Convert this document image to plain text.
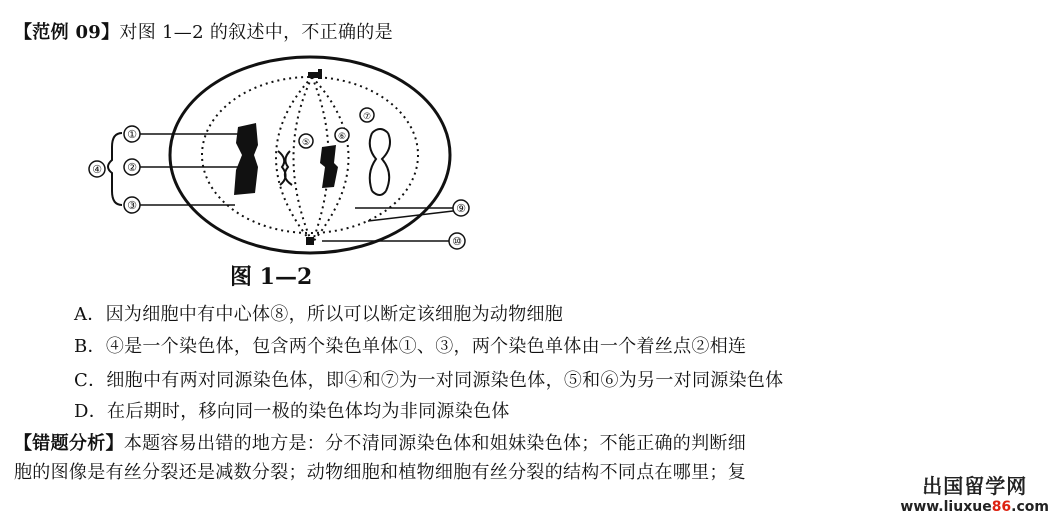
【范例 09】对图 1—2 的叙述中，不正确的是
①
②
③
④
⑤
⑥
⑦
⑨
⑩
图 1—2
A．因为细胞中有中心体⑧，所以可以断定该细胞为动物细胞
B．④是一个染色体，包含两个染色单体①、③，两个染色单体由一个着丝点②相连
C．细胞中有两对同源染色体，即④和⑦为一对同源染色体，⑤和⑥为另一对同源染色体
D．在后期时，移向同一极的染色体均为非同源染色体
【错题分析】本题容易出错的地方是：分不清同源染色体和姐妹染色体；不能正确的判断细
胞的图像是有丝分裂还是减数分裂；动物细胞和植物细胞有丝分裂的结构不同点在哪里；复
出国留学网
www.liuxue86.com
